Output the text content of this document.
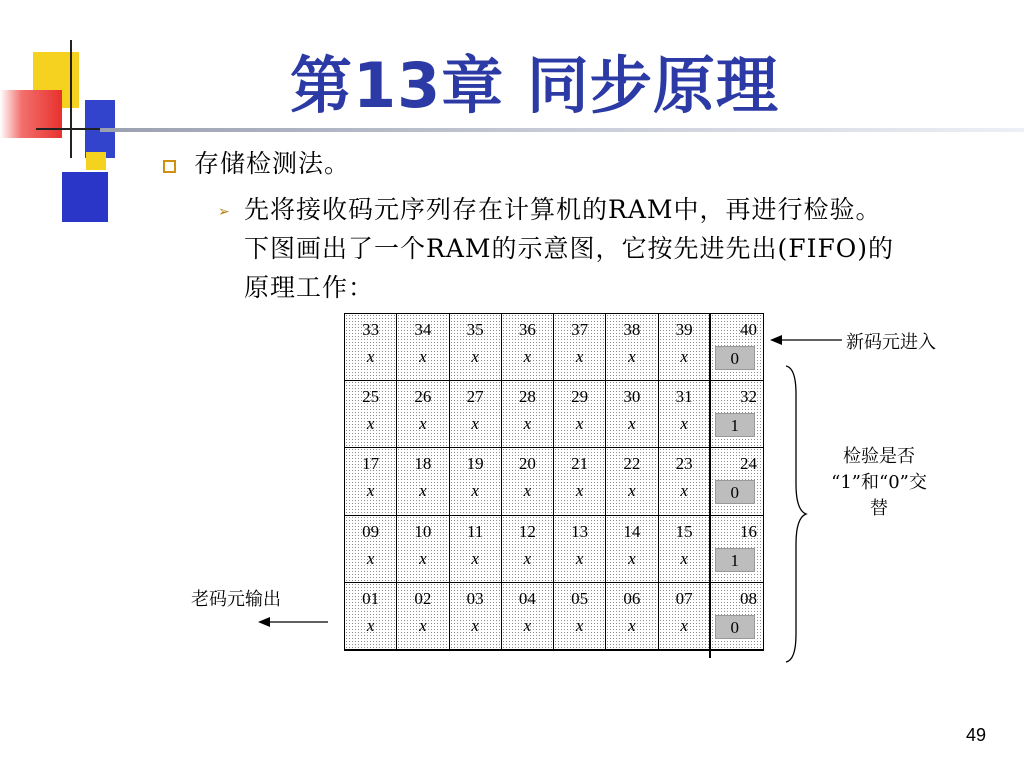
第13章 同步原理
存储检测法。
➢ 先将接收码元序列存在计算机的RAM中，再进行检验。
下图画出了一个RAM的示意图，它按先进先出(FIFO)的
原理工作：
33
x
34
x
35
x
36
x
37
x
38
x
39
x
40
0
25
x
26
x
27
x
28
x
29
x
30
x
31
x
32
1
17
x
18
x
19
x
20
x
21
x
22
x
23
x
24
0
09
x
10
x
11
x
12
x
13
x
14
x
15
x
16
1
01
x
02
x
03
x
04
x
05
x
06
x
07
x
08
0
新码元进入
检验是否
“1”和“0”交
替
老码元输出
49
